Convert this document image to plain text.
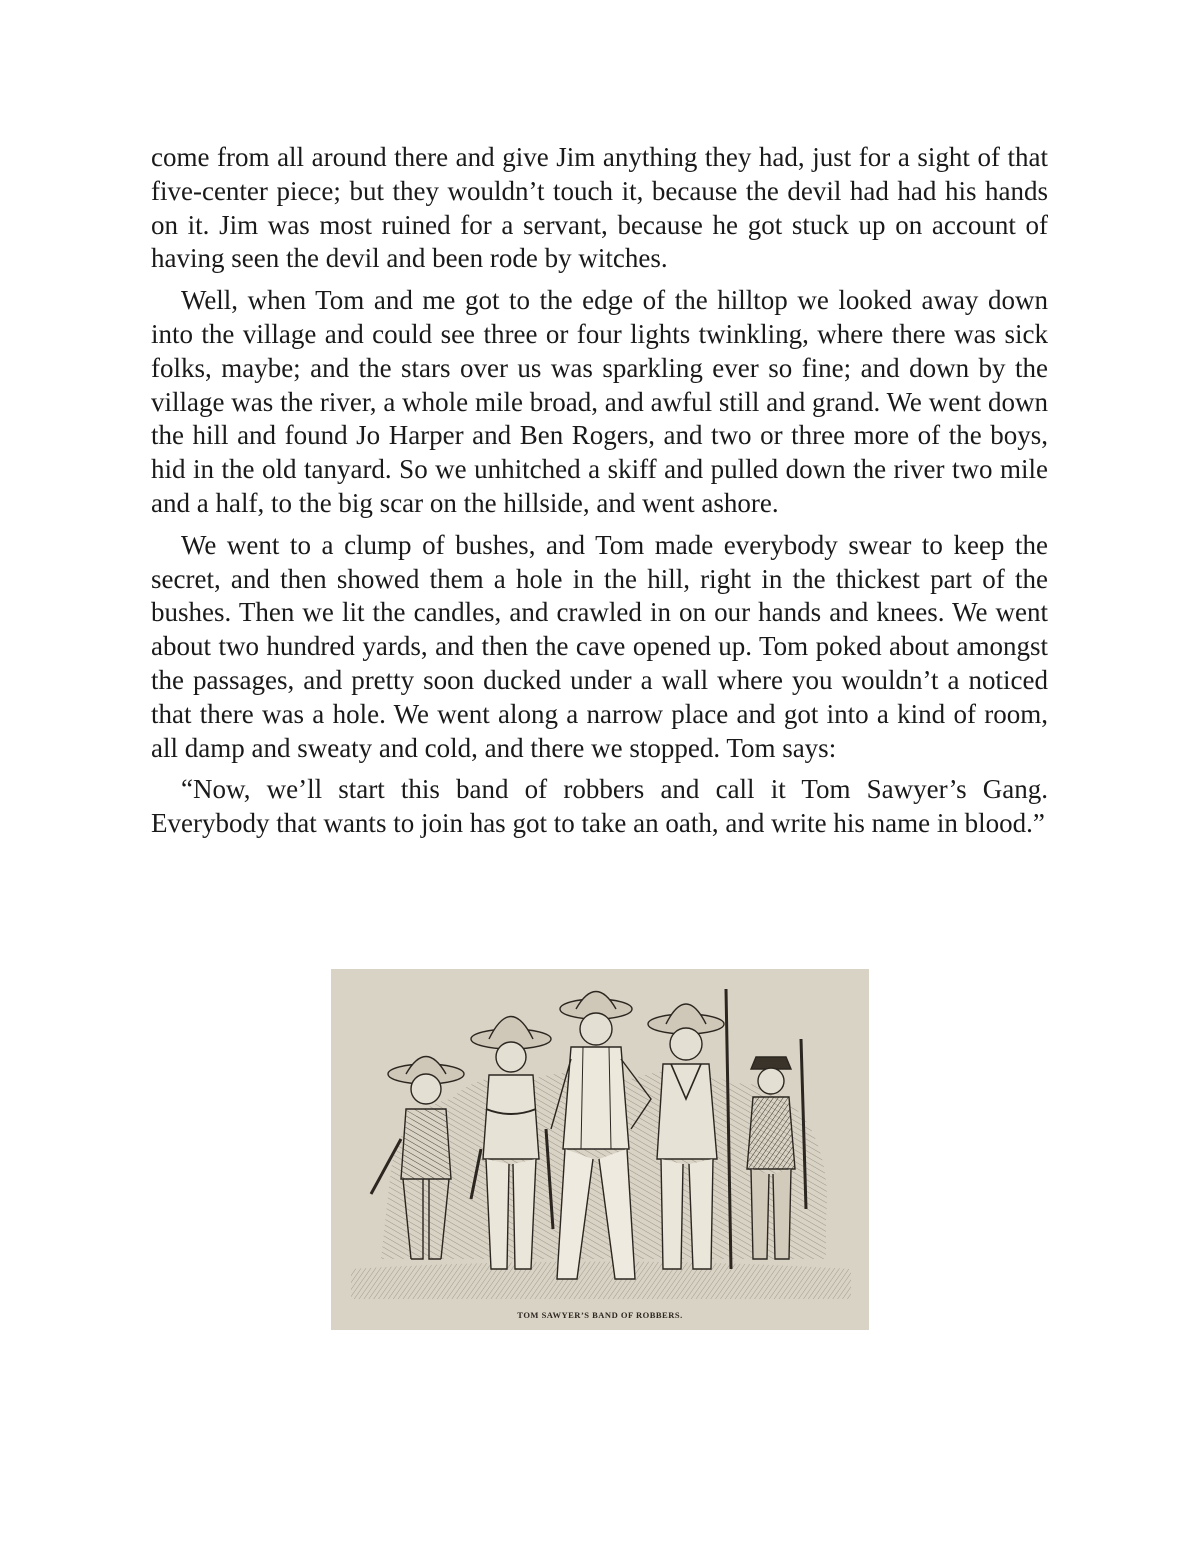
come from all around there and give Jim anything they had, just for a sight of that five-center piece; but they wouldn’t touch it, because the devil had had his hands on it. Jim was most ruined for a servant, because he got stuck up on account of having seen the devil and been rode by witches.

Well, when Tom and me got to the edge of the hilltop we looked away down into the village and could see three or four lights twinkling, where there was sick folks, maybe; and the stars over us was sparkling ever so fine; and down by the village was the river, a whole mile broad, and awful still and grand. We went down the hill and found Jo Harper and Ben Rogers, and two or three more of the boys, hid in the old tanyard. So we unhitched a skiff and pulled down the river two mile and a half, to the big scar on the hillside, and went ashore.

We went to a clump of bushes, and Tom made everybody swear to keep the secret, and then showed them a hole in the hill, right in the thickest part of the bushes. Then we lit the candles, and crawled in on our hands and knees. We went about two hundred yards, and then the cave opened up. Tom poked about amongst the passages, and pretty soon ducked under a wall where you wouldn’t a noticed that there was a hole. We went along a narrow place and got into a kind of room, all damp and sweaty and cold, and there we stopped. Tom says:

“Now, we’ll start this band of robbers and call it Tom Sawyer’s Gang. Everybody that wants to join has got to take an oath, and write his name in blood.”

TOM SAWYER’S BAND OF ROBBERS.
